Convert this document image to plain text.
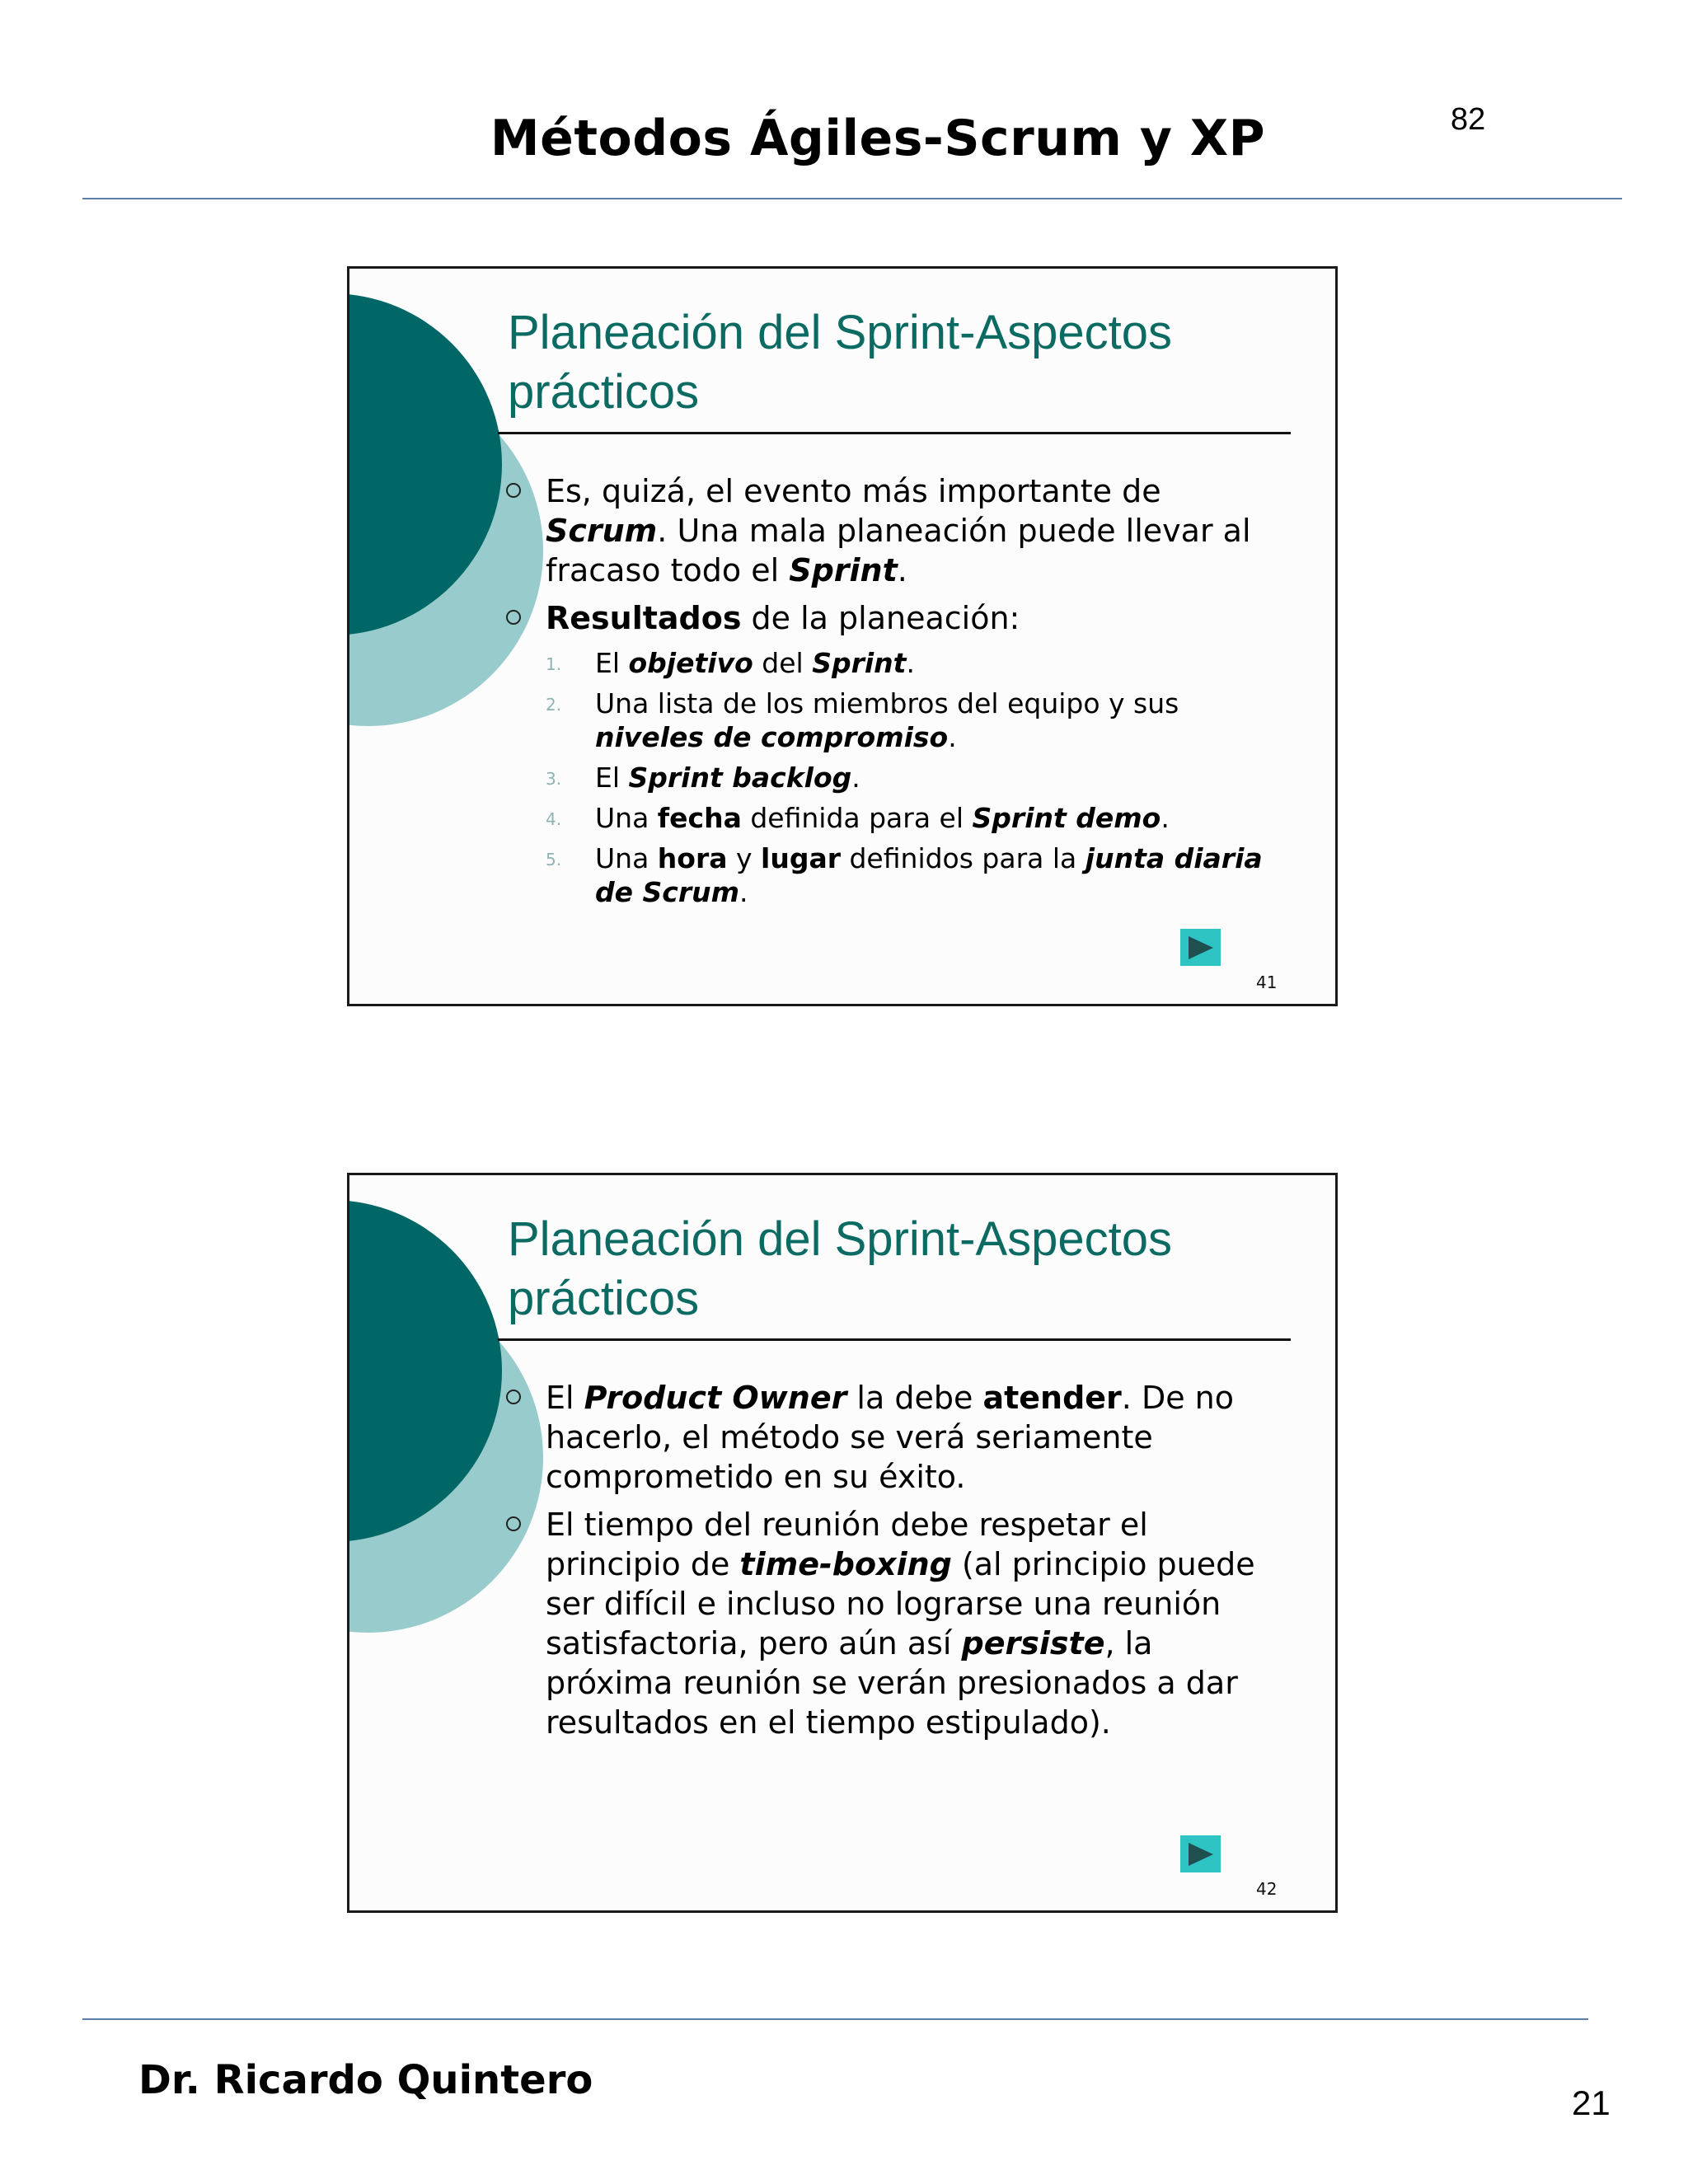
Métodos Ágiles-Scrum y XP	82
Planeación del Sprint-Aspectos prácticos
Es, quizá, el evento más importante de Scrum. Una mala planeación puede llevar al fracaso todo el Sprint.
Resultados de la planeación:
1. El objetivo del Sprint.
2. Una lista de los miembros del equipo y sus niveles de compromiso.
3. El Sprint backlog.
4. Una fecha definida para el Sprint demo.
5. Una hora y lugar definidos para la junta diaria de Scrum.
41
Planeación del Sprint-Aspectos prácticos
El Product Owner la debe atender. De no hacerlo, el método se verá seriamente comprometido en su éxito.
El tiempo del reunión debe respetar el principio de time-boxing (al principio puede ser difícil e incluso no lograrse una reunión satisfactoria, pero aún así persiste, la próxima reunión se verán presionados a dar resultados en el tiempo estipulado).
42
Dr. Ricardo Quintero	21
